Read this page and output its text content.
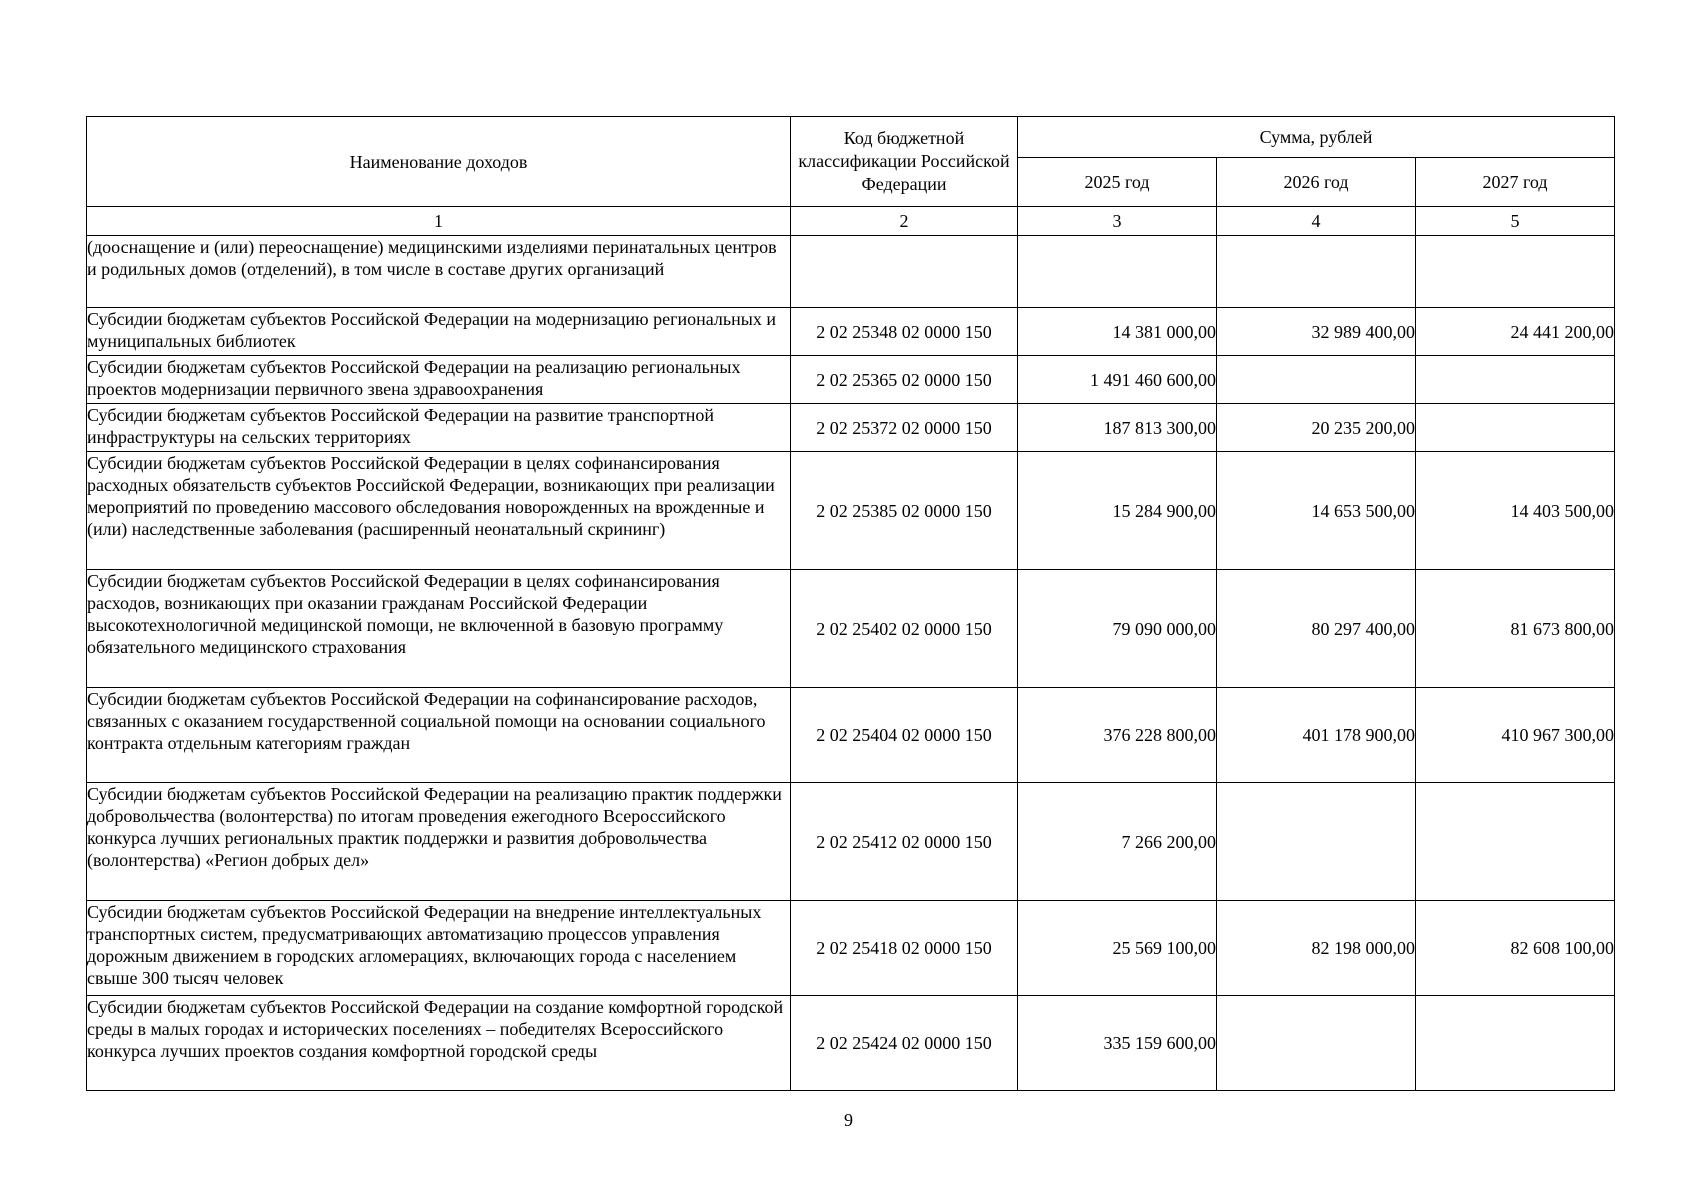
Наименование доходов	Код бюджетной классификации Российской Федерации	Сумма, рублей		
		2025 год	2026 год	2027 год
1	2	3	4	5
(дооснащение и (или) переоснащение) медицинскими изделиями перинатальных центров и родильных домов (отделений), в том числе в составе других организаций				
Субсидии бюджетам субъектов Российской Федерации на модернизацию региональных и муниципальных библиотек	2 02 25348 02 0000 150	14 381 000,00	32 989 400,00	24 441 200,00
Субсидии бюджетам субъектов Российской Федерации на реализацию региональных проектов модернизации первичного звена здравоохранения	2 02 25365 02 0000 150	1 491 460 600,00		
Субсидии бюджетам субъектов Российской Федерации на развитие транспортной инфраструктуры на сельских территориях	2 02 25372 02 0000 150	187 813 300,00	20 235 200,00	
Субсидии бюджетам субъектов Российской Федерации в целях софинансирования расходных обязательств субъектов Российской Федерации, возникающих при реализации мероприятий по проведению массового обследования новорожденных на врожденные и (или) наследственные заболевания (расширенный неонатальный скрининг)	2 02 25385 02 0000 150	15 284 900,00	14 653 500,00	14 403 500,00
Субсидии бюджетам субъектов Российской Федерации в целях софинансирования расходов, возникающих при оказании гражданам Российской Федерации высокотехнологичной медицинской помощи, не включенной в базовую программу обязательного медицинского страхования	2 02 25402 02 0000 150	79 090 000,00	80 297 400,00	81 673 800,00
Субсидии бюджетам субъектов Российской Федерации на софинансирование расходов, связанных с оказанием государственной социальной помощи на основании социального контракта отдельным категориям граждан	2 02 25404 02 0000 150	376 228 800,00	401 178 900,00	410 967 300,00
Субсидии бюджетам субъектов Российской Федерации на реализацию практик поддержки добровольчества (волонтерства) по итогам проведения ежегодного Всероссийского конкурса лучших региональных практик поддержки и развития добровольчества (волонтерства) «Регион добрых дел»	2 02 25412 02 0000 150	7 266 200,00		
Субсидии бюджетам субъектов Российской Федерации на внедрение интеллектуальных транспортных систем, предусматривающих автоматизацию процессов управления дорожным движением в городских агломерациях, включающих города с населением свыше 300 тысяч человек	2 02 25418 02 0000 150	25 569 100,00	82 198 000,00	82 608 100,00
Субсидии бюджетам субъектов Российской Федерации на создание комфортной городской среды в малых городах и исторических поселениях – победителях Всероссийского конкурса лучших проектов создания комфортной городской среды	2 02 25424 02 0000 150	335 159 600,00		
9
